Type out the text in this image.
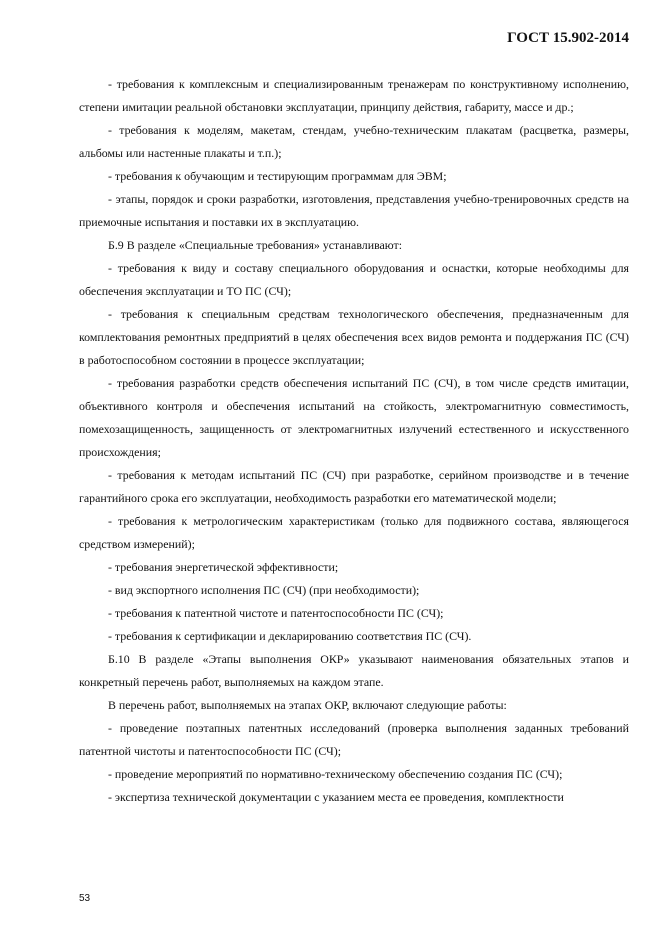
ГОСТ 15.902-2014

- требования к комплексным и специализированным тренажерам по конструктивному исполнению, степени имитации реальной обстановки эксплуатации, принципу действия, габариту, массе и др.;

- требования к моделям, макетам, стендам, учебно-техническим плакатам (расцветка, размеры, альбомы или настенные плакаты и т.п.);

- требования к обучающим и тестирующим программам для ЭВМ;

- этапы, порядок и сроки разработки, изготовления, представления учебно-тренировочных средств на приемочные испытания и поставки их в эксплуатацию.

Б.9 В разделе «Специальные требования» устанавливают:

- требования к виду и составу специального оборудования и оснастки, которые необходимы для обеспечения эксплуатации и ТО ПС (СЧ);

- требования к специальным средствам технологического обеспечения, предназначенным для комплектования ремонтных предприятий в целях обеспечения всех видов ремонта и поддержания ПС (СЧ) в работоспособном состоянии в процессе эксплуатации;

- требования разработки средств обеспечения испытаний ПС (СЧ), в том числе средств имитации, объективного контроля и обеспечения испытаний на стойкость, электромагнитную совместимость, помехозащищенность, защищенность от электромагнитных излучений естественного и искусственного происхождения;

- требования к методам испытаний ПС (СЧ) при разработке, серийном производстве и в течение гарантийного срока его эксплуатации, необходимость разработки его математической модели;

- требования к метрологическим характеристикам (только для подвижного состава, являющегося средством измерений);

- требования энергетической эффективности;

- вид экспортного исполнения ПС (СЧ) (при необходимости);

- требования к патентной чистоте и патентоспособности ПС (СЧ);

- требования к сертификации и декларированию соответствия ПС (СЧ).

Б.10 В разделе «Этапы выполнения ОКР» указывают наименования обязательных этапов и конкретный перечень работ, выполняемых на каждом этапе.

В перечень работ, выполняемых на этапах ОКР, включают следующие работы:

- проведение поэтапных патентных исследований (проверка выполнения заданных требований патентной чистоты и патентоспособности ПС (СЧ);

- проведение мероприятий по нормативно-техническому обеспечению создания ПС (СЧ);

- экспертиза технической документации с указанием места ее проведения, комплектности

53
